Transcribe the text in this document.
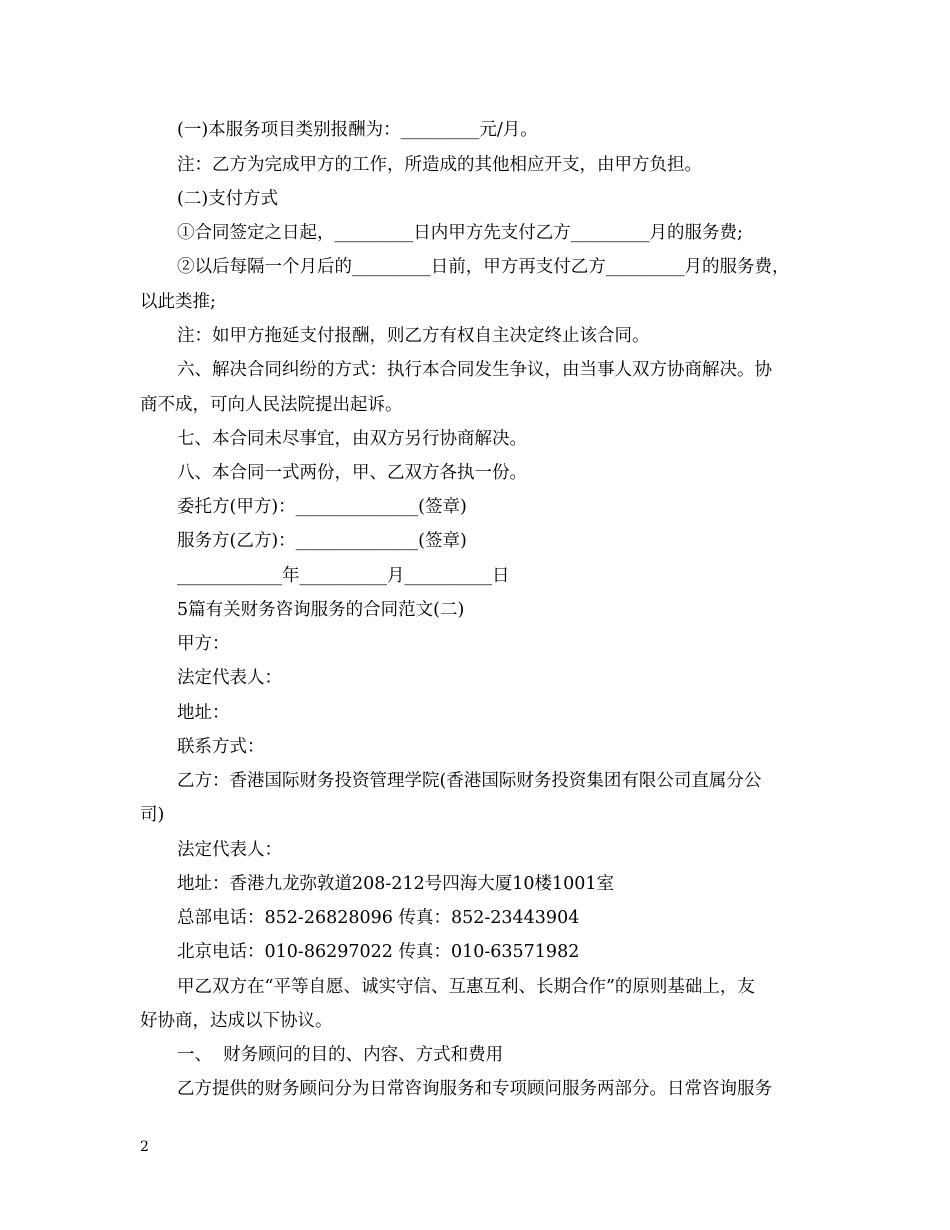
(一)本服务项目类别报酬为：_________元/月。
注：乙方为完成甲方的工作，所造成的其他相应开支，由甲方负担。
(二)支付方式
①合同签定之日起，_________日内甲方先支付乙方_________月的服务费;
②以后每隔一个月后的_________日前，甲方再支付乙方_________月的服务费，
以此类推;
注：如甲方拖延支付报酬，则乙方有权自主决定终止该合同。
六、解决合同纠纷的方式：执行本合同发生争议，由当事人双方协商解决。协
商不成，可向人民法院提出起诉。
七、本合同未尽事宜，由双方另行协商解决。
八、本合同一式两份，甲、乙双方各执一份。
委托方(甲方)：______________(签章)
服务方(乙方)：______________(签章)
____________年__________月__________日
5篇有关财务咨询服务的合同范文(二)
甲方：
法定代表人：
地址：
联系方式：
乙方：香港国际财务投资管理学院(香港国际财务投资集团有限公司直属分公
司)
法定代表人：
地址：香港九龙弥敦道208-212号四海大厦10楼1001室
总部电话：852-26828096 传真：852-23443904
北京电话：010-86297022 传真：010-63571982
甲乙双方在“平等自愿、诚实守信、互惠互利、长期合作”的原则基础上，友
好协商，达成以下协议。
一、  财务顾问的目的、内容、方式和费用
乙方提供的财务顾问分为日常咨询服务和专项顾问服务两部分。日常咨询服务
2
